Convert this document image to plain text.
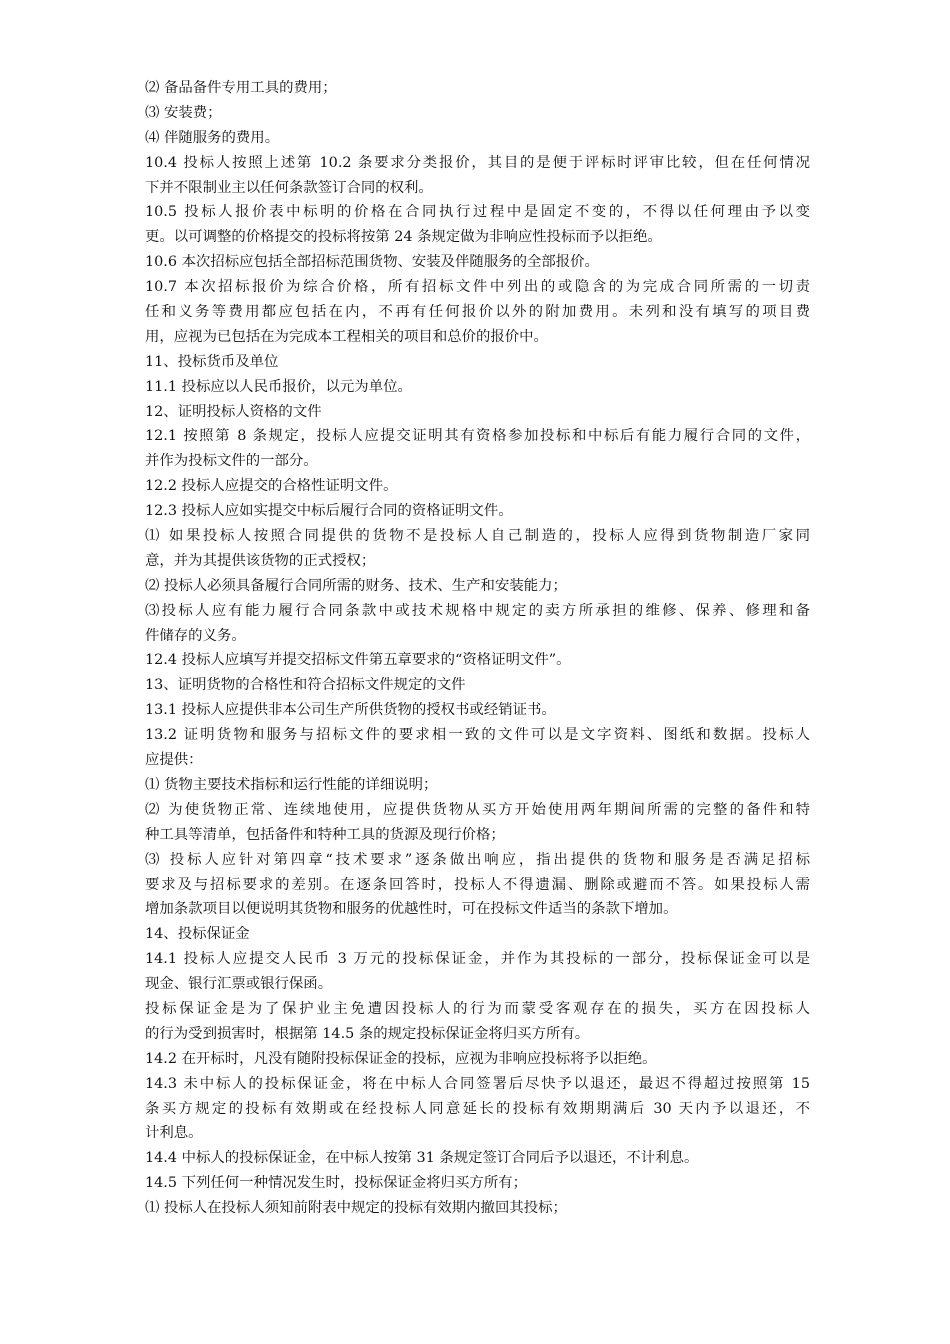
⑵ 备品备件专用工具的费用；
⑶ 安装费；
⑷ 伴随服务的费用。
10.4 投标人按照上述第 10.2 条要求分类报价，其目的是便于评标时评审比较，但在任何情况
下并不限制业主以任何条款签订合同的权利。
10.5 投标人报价表中标明的价格在合同执行过程中是固定不变的，不得以任何理由予以变
更。以可调整的价格提交的投标将按第 24 条规定做为非响应性投标而予以拒绝。
10.6 本次招标应包括全部招标范围货物、安装及伴随服务的全部报价。
10.7 本次招标报价为综合价格，所有招标文件中列出的或隐含的为完成合同所需的一切责
任和义务等费用都应包括在内，不再有任何报价以外的附加费用。未列和没有填写的项目费
用，应视为已包括在为完成本工程相关的项目和总价的报价中。
11、投标货币及单位
11.1 投标应以人民币报价，以元为单位。
12、证明投标人资格的文件
12.1 按照第 8 条规定，投标人应提交证明其有资格参加投标和中标后有能力履行合同的文件，
并作为投标文件的一部分。
12.2 投标人应提交的合格性证明文件。
12.3 投标人应如实提交中标后履行合同的资格证明文件。
⑴ 如果投标人按照合同提供的货物不是投标人自己制造的，投标人应得到货物制造厂家同
意，并为其提供该货物的正式授权；
⑵ 投标人必须具备履行合同所需的财务、技术、生产和安装能力；
⑶投标人应有能力履行合同条款中或技术规格中规定的卖方所承担的维修、保养、修理和备
件储存的义务。
12.4 投标人应填写并提交招标文件第五章要求的“资格证明文件”。
13、证明货物的合格性和符合招标文件规定的文件
13.1 投标人应提供非本公司生产所供货物的授权书或经销证书。
13.2 证明货物和服务与招标文件的要求相一致的文件可以是文字资料、图纸和数据。投标人
应提供：
⑴ 货物主要技术指标和运行性能的详细说明；
⑵ 为使货物正常、连续地使用，应提供货物从买方开始使用两年期间所需的完整的备件和特
种工具等清单，包括备件和特种工具的货源及现行价格；
⑶ 投标人应针对第四章“技术要求”逐条做出响应，指出提供的货物和服务是否满足招标
要求及与招标要求的差别。在逐条回答时，投标人不得遗漏、删除或避而不答。如果投标人需
增加条款项目以便说明其货物和服务的优越性时，可在投标文件适当的条款下增加。
14、投标保证金
14.1 投标人应提交人民币 3 万元的投标保证金，并作为其投标的一部分，投标保证金可以是
现金、银行汇票或银行保函。
投标保证金是为了保护业主免遭因投标人的行为而蒙受客观存在的损失，买方在因投标人
的行为受到损害时，根据第 14.5 条的规定投标保证金将归买方所有。
14.2 在开标时，凡没有随附投标保证金的投标，应视为非响应投标将予以拒绝。
14.3 未中标人的投标保证金，将在中标人合同签署后尽快予以退还，最迟不得超过按照第 15
条买方规定的投标有效期或在经投标人同意延长的投标有效期期满后 30 天内予以退还，不
计利息。
14.4 中标人的投标保证金，在中标人按第 31 条规定签订合同后予以退还，不计利息。
14.5 下列任何一种情况发生时，投标保证金将归买方所有；
⑴ 投标人在投标人须知前附表中规定的投标有效期内撤回其投标；
